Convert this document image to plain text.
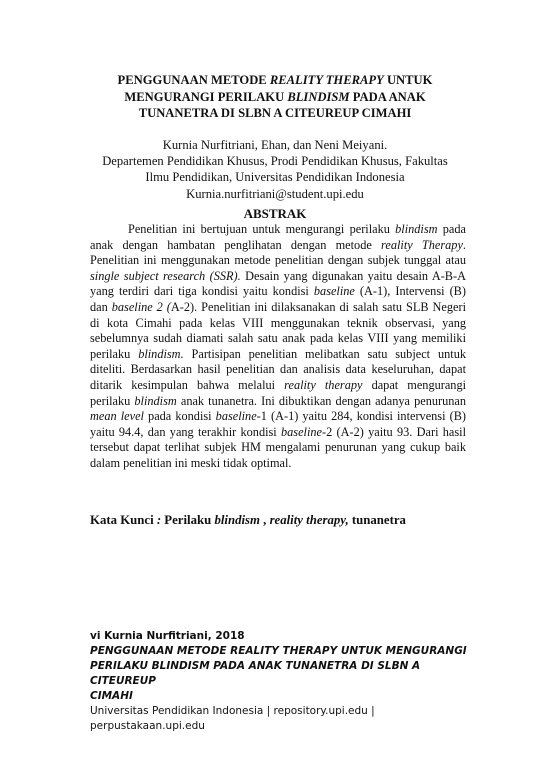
PENGGUNAAN METODE REALITY THERAPY UNTUK
MENGURANGI PERILAKU BLINDISM PADA ANAK
TUNANETRA DI SLBN A CITEUREUP CIMAHI
Kurnia Nurfitriani, Ehan, dan Neni Meiyani.
Departemen Pendidikan Khusus, Prodi Pendidikan Khusus, Fakultas
Ilmu Pendidikan, Universitas Pendidikan Indonesia
Kurnia.nurfitriani@student.upi.edu
ABSTRAK

Penelitian ini bertujuan untuk mengurangi perilaku blindism pada anak dengan hambatan penglihatan dengan metode reality Therapy. Penelitian ini menggunakan metode penelitian dengan subjek tunggal atau single subject research (SSR). Desain yang digunakan yaitu desain A-B-A yang terdiri dari tiga kondisi yaitu kondisi baseline (A-1), Intervensi (B) dan baseline 2 (A-2). Penelitian ini dilaksanakan di salah satu SLB Negeri di kota Cimahi pada kelas VIII menggunakan teknik observasi, yang sebelumnya sudah diamati salah satu anak pada kelas VIII yang memiliki perilaku blindism. Partisipan penelitian melibatkan satu subject untuk diteliti. Berdasarkan hasil penelitian dan analisis data keseluruhan, dapat ditarik kesimpulan bahwa melalui reality therapy dapat mengurangi perilaku blindism anak tunanetra. Ini dibuktikan dengan adanya penurunan mean level pada kondisi baseline-1 (A-1) yaitu 284, kondisi intervensi (B) yaitu 94.4, dan yang terakhir kondisi baseline-2 (A-2) yaitu 93. Dari hasil tersebut dapat terlihat subjek HM mengalami penurunan yang cukup baik dalam penelitian ini meski tidak optimal.

Kata Kunci : Perilaku blindism , reality therapy, tunanetra
vi Kurnia Nurfitriani, 2018
PENGGUNAAN METODE REALITY THERAPY UNTUK MENGURANGI
PERILAKU BLINDISM PADA ANAK TUNANETRA DI SLBN A CITEUREUP
CIMAHI
Universitas Pendidikan Indonesia | repository.upi.edu |
perpustakaan.upi.edu
